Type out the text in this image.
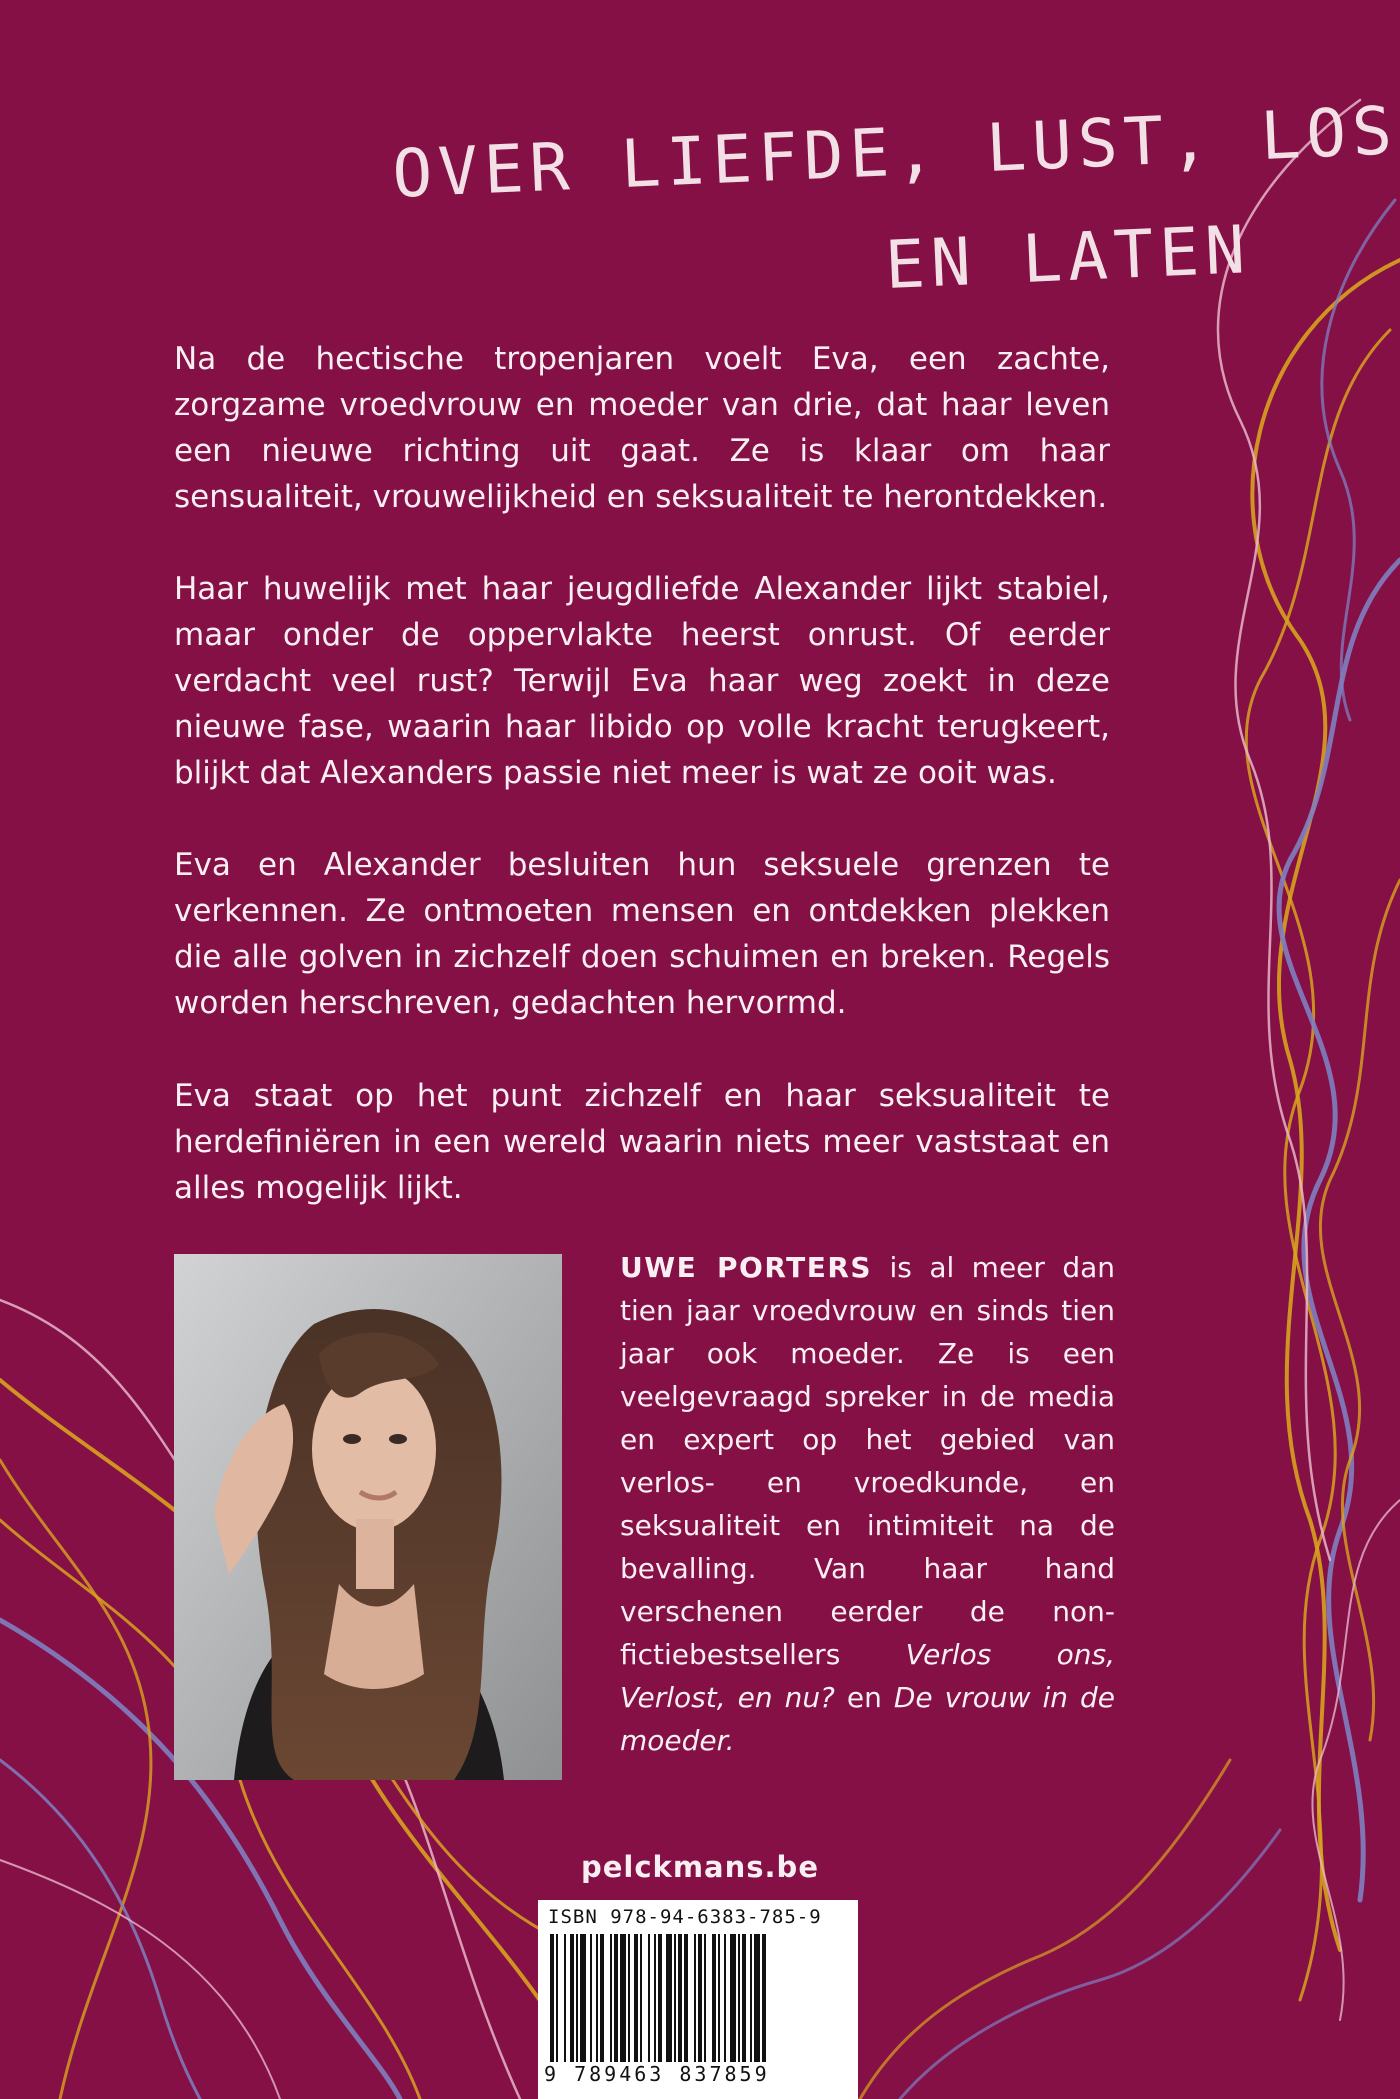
OVER LIEFDE, LUST, LOS
EN LATEN

Na de hectische tropenjaren voelt Eva, een zachte, zorgzame vroedvrouw en moeder van drie, dat haar leven een nieuwe richting uit gaat. Ze is klaar om haar sensualiteit, vrouwelijkheid en seksualiteit te herontdekken.

Haar huwelijk met haar jeugdliefde Alexander lijkt stabiel, maar onder de oppervlakte heerst onrust. Of eerder verdacht veel rust? Terwijl Eva haar weg zoekt in deze nieuwe fase, waarin haar libido op volle kracht terugkeert, blijkt dat Alexanders passie niet meer is wat ze ooit was.

Eva en Alexander besluiten hun seksuele grenzen te verkennen. Ze ontmoeten mensen en ontdekken plekken die alle golven in zichzelf doen schuimen en breken. Regels worden herschreven, gedachten hervormd.

Eva staat op het punt zichzelf en haar seksualiteit te herdefiniëren in een wereld waarin niets meer vaststaat en alles mogelijk lijkt.

UWE PORTERS is al meer dan tien jaar vroedvrouw en sinds tien jaar ook moeder. Ze is een veelgevraagd spreker in de media en expert op het gebied van verlos- en vroedkunde, en seksualiteit en intimiteit na de bevalling. Van haar hand verschenen eerder de non-fictiebestsellers Verlos ons, Verlost, en nu? en De vrouw in de moeder.

pelckmans.be
ISBN 978-94-6383-785-9
9 789463 837859
